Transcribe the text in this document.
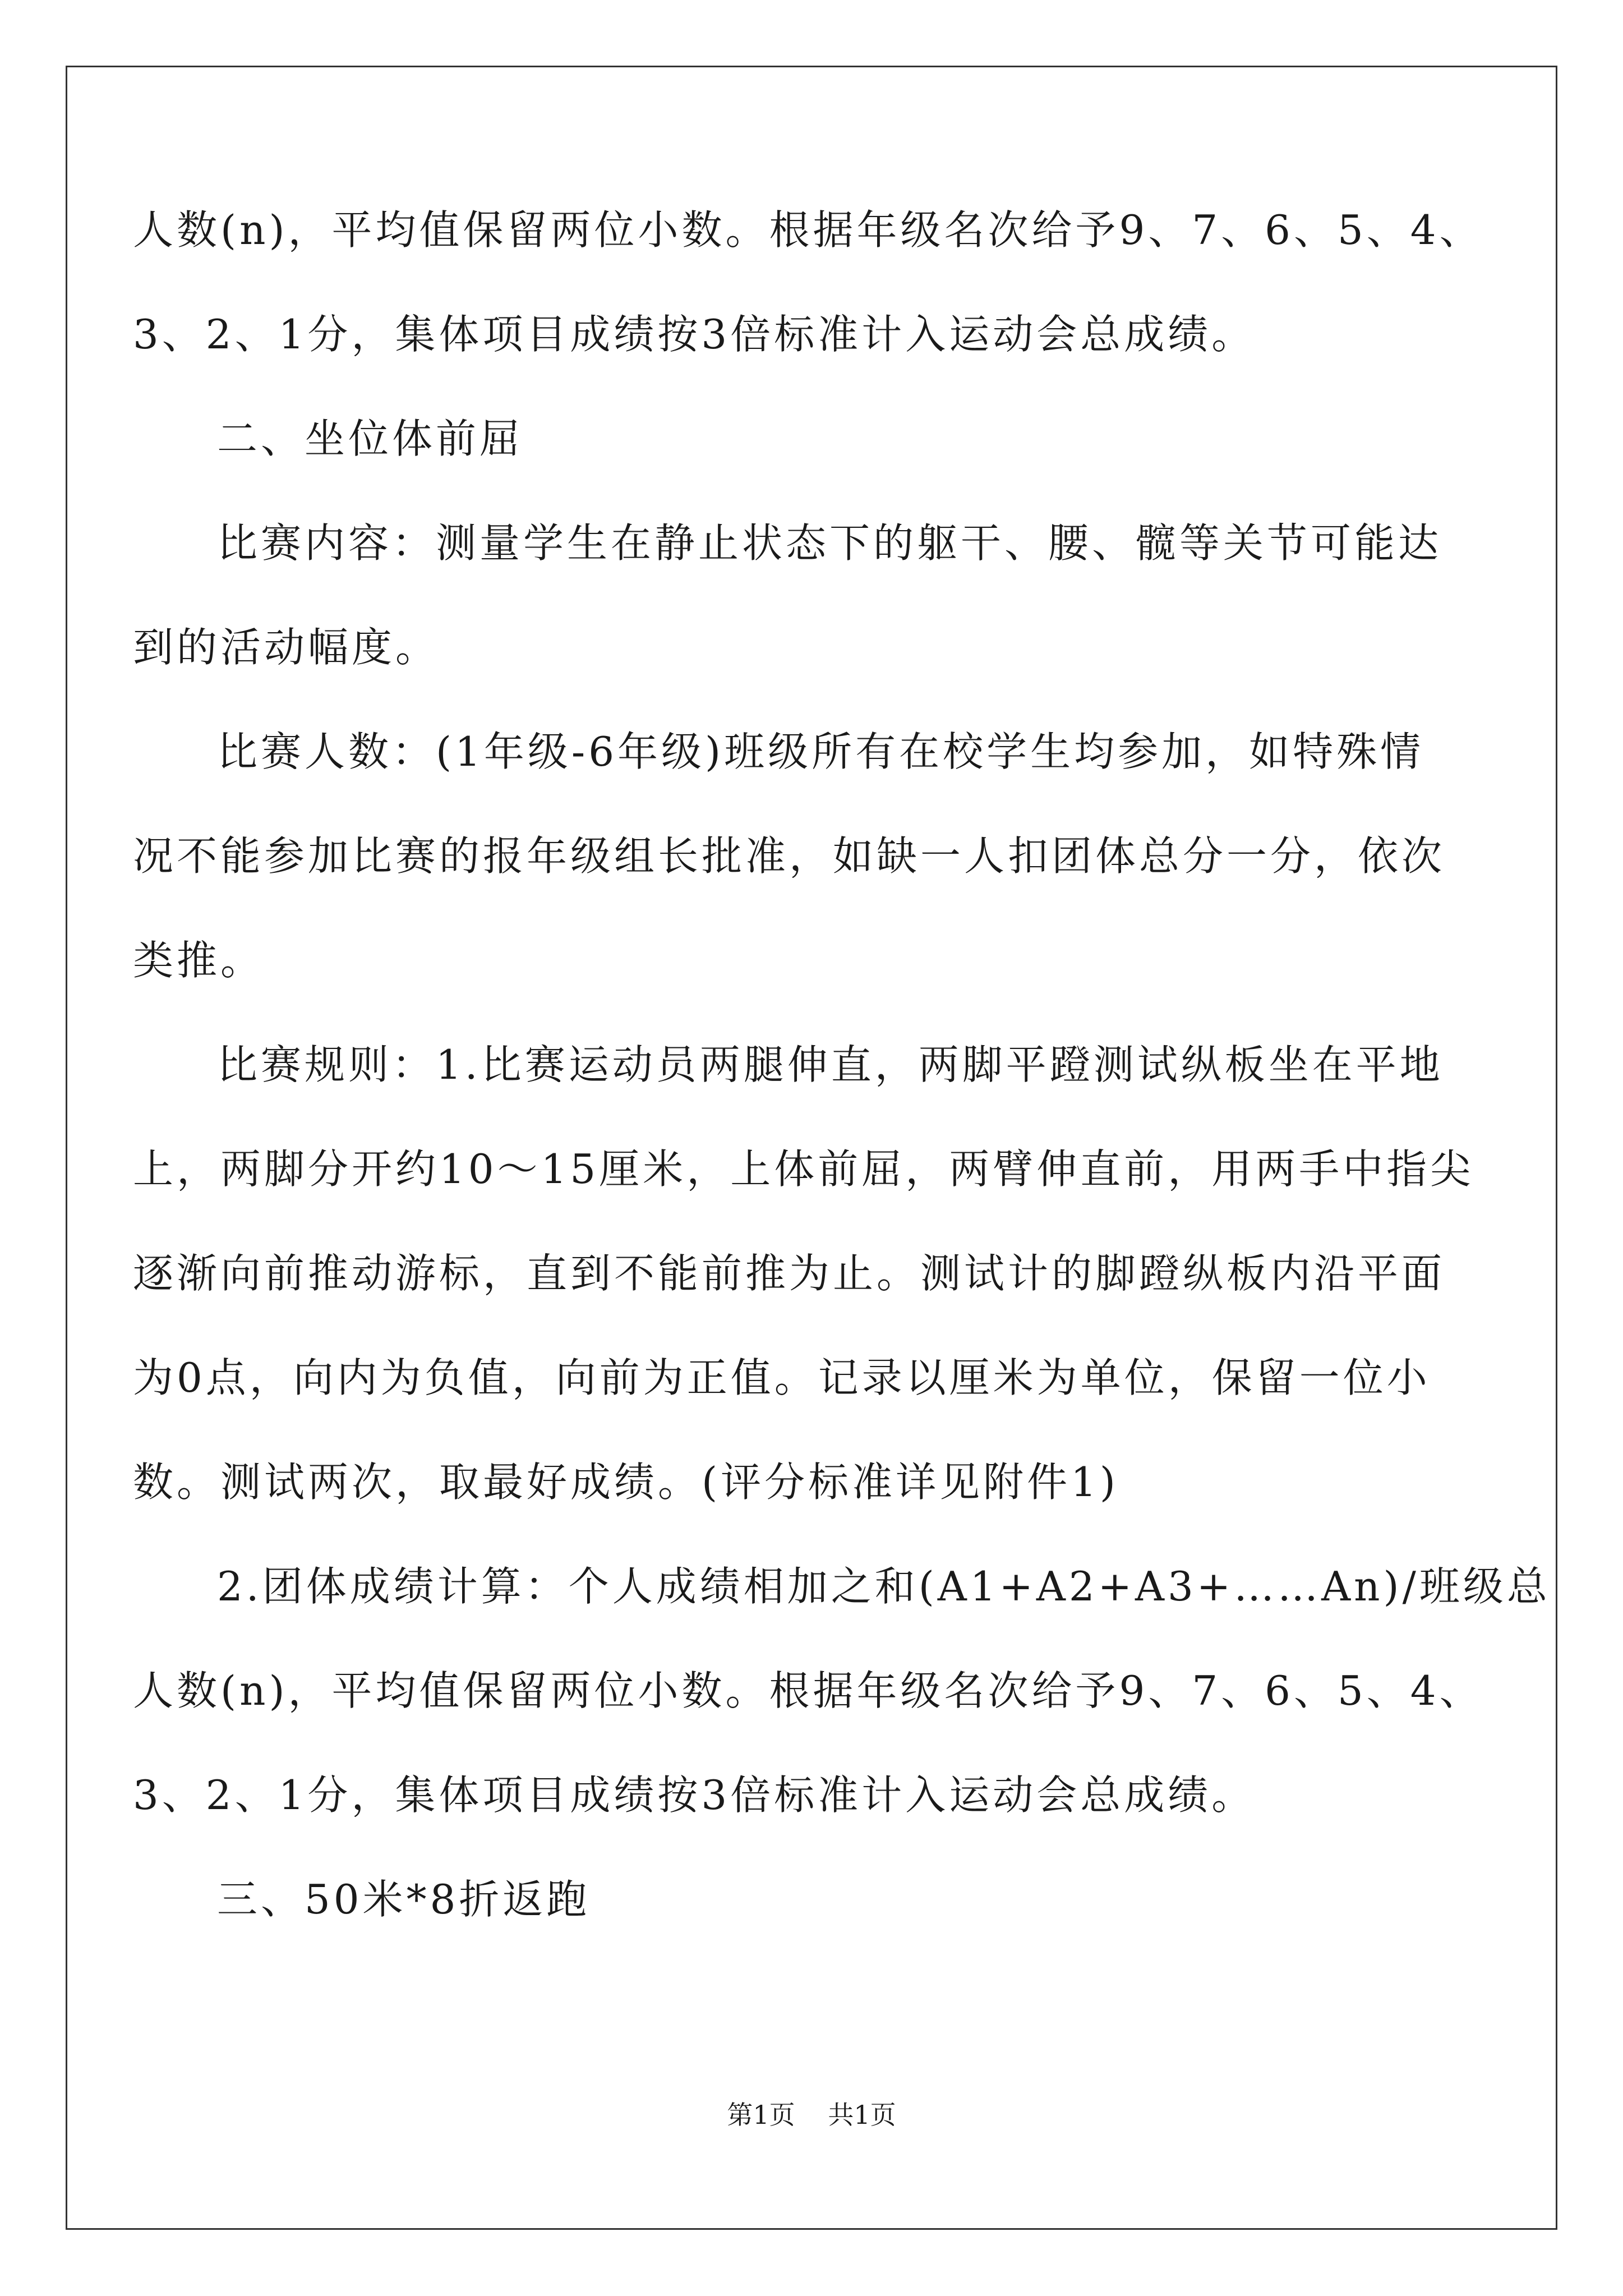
人数(n)，平均值保留两位小数。根据年级名次给予9、7、6、5、4、
3、2、1分，集体项目成绩按3倍标准计入运动会总成绩。
二、坐位体前屈
比赛内容：测量学生在静止状态下的躯干、腰、髋等关节可能达
到的活动幅度。
比赛人数：(1年级-6年级)班级所有在校学生均参加，如特殊情
况不能参加比赛的报年级组长批准，如缺一人扣团体总分一分，依次
类推。
比赛规则：1.比赛运动员两腿伸直，两脚平蹬测试纵板坐在平地
上，两脚分开约10～15厘米，上体前屈，两臂伸直前，用两手中指尖
逐渐向前推动游标，直到不能前推为止。测试计的脚蹬纵板内沿平面
为0点，向内为负值，向前为正值。记录以厘米为单位，保留一位小
数。测试两次，取最好成绩。(评分标准详见附件1)
2.团体成绩计算：个人成绩相加之和(A1+A2+A3+……An)/班级总
人数(n)，平均值保留两位小数。根据年级名次给予9、7、6、5、4、
3、2、1分，集体项目成绩按3倍标准计入运动会总成绩。
三、50米*8折返跑
第1页 共1页
